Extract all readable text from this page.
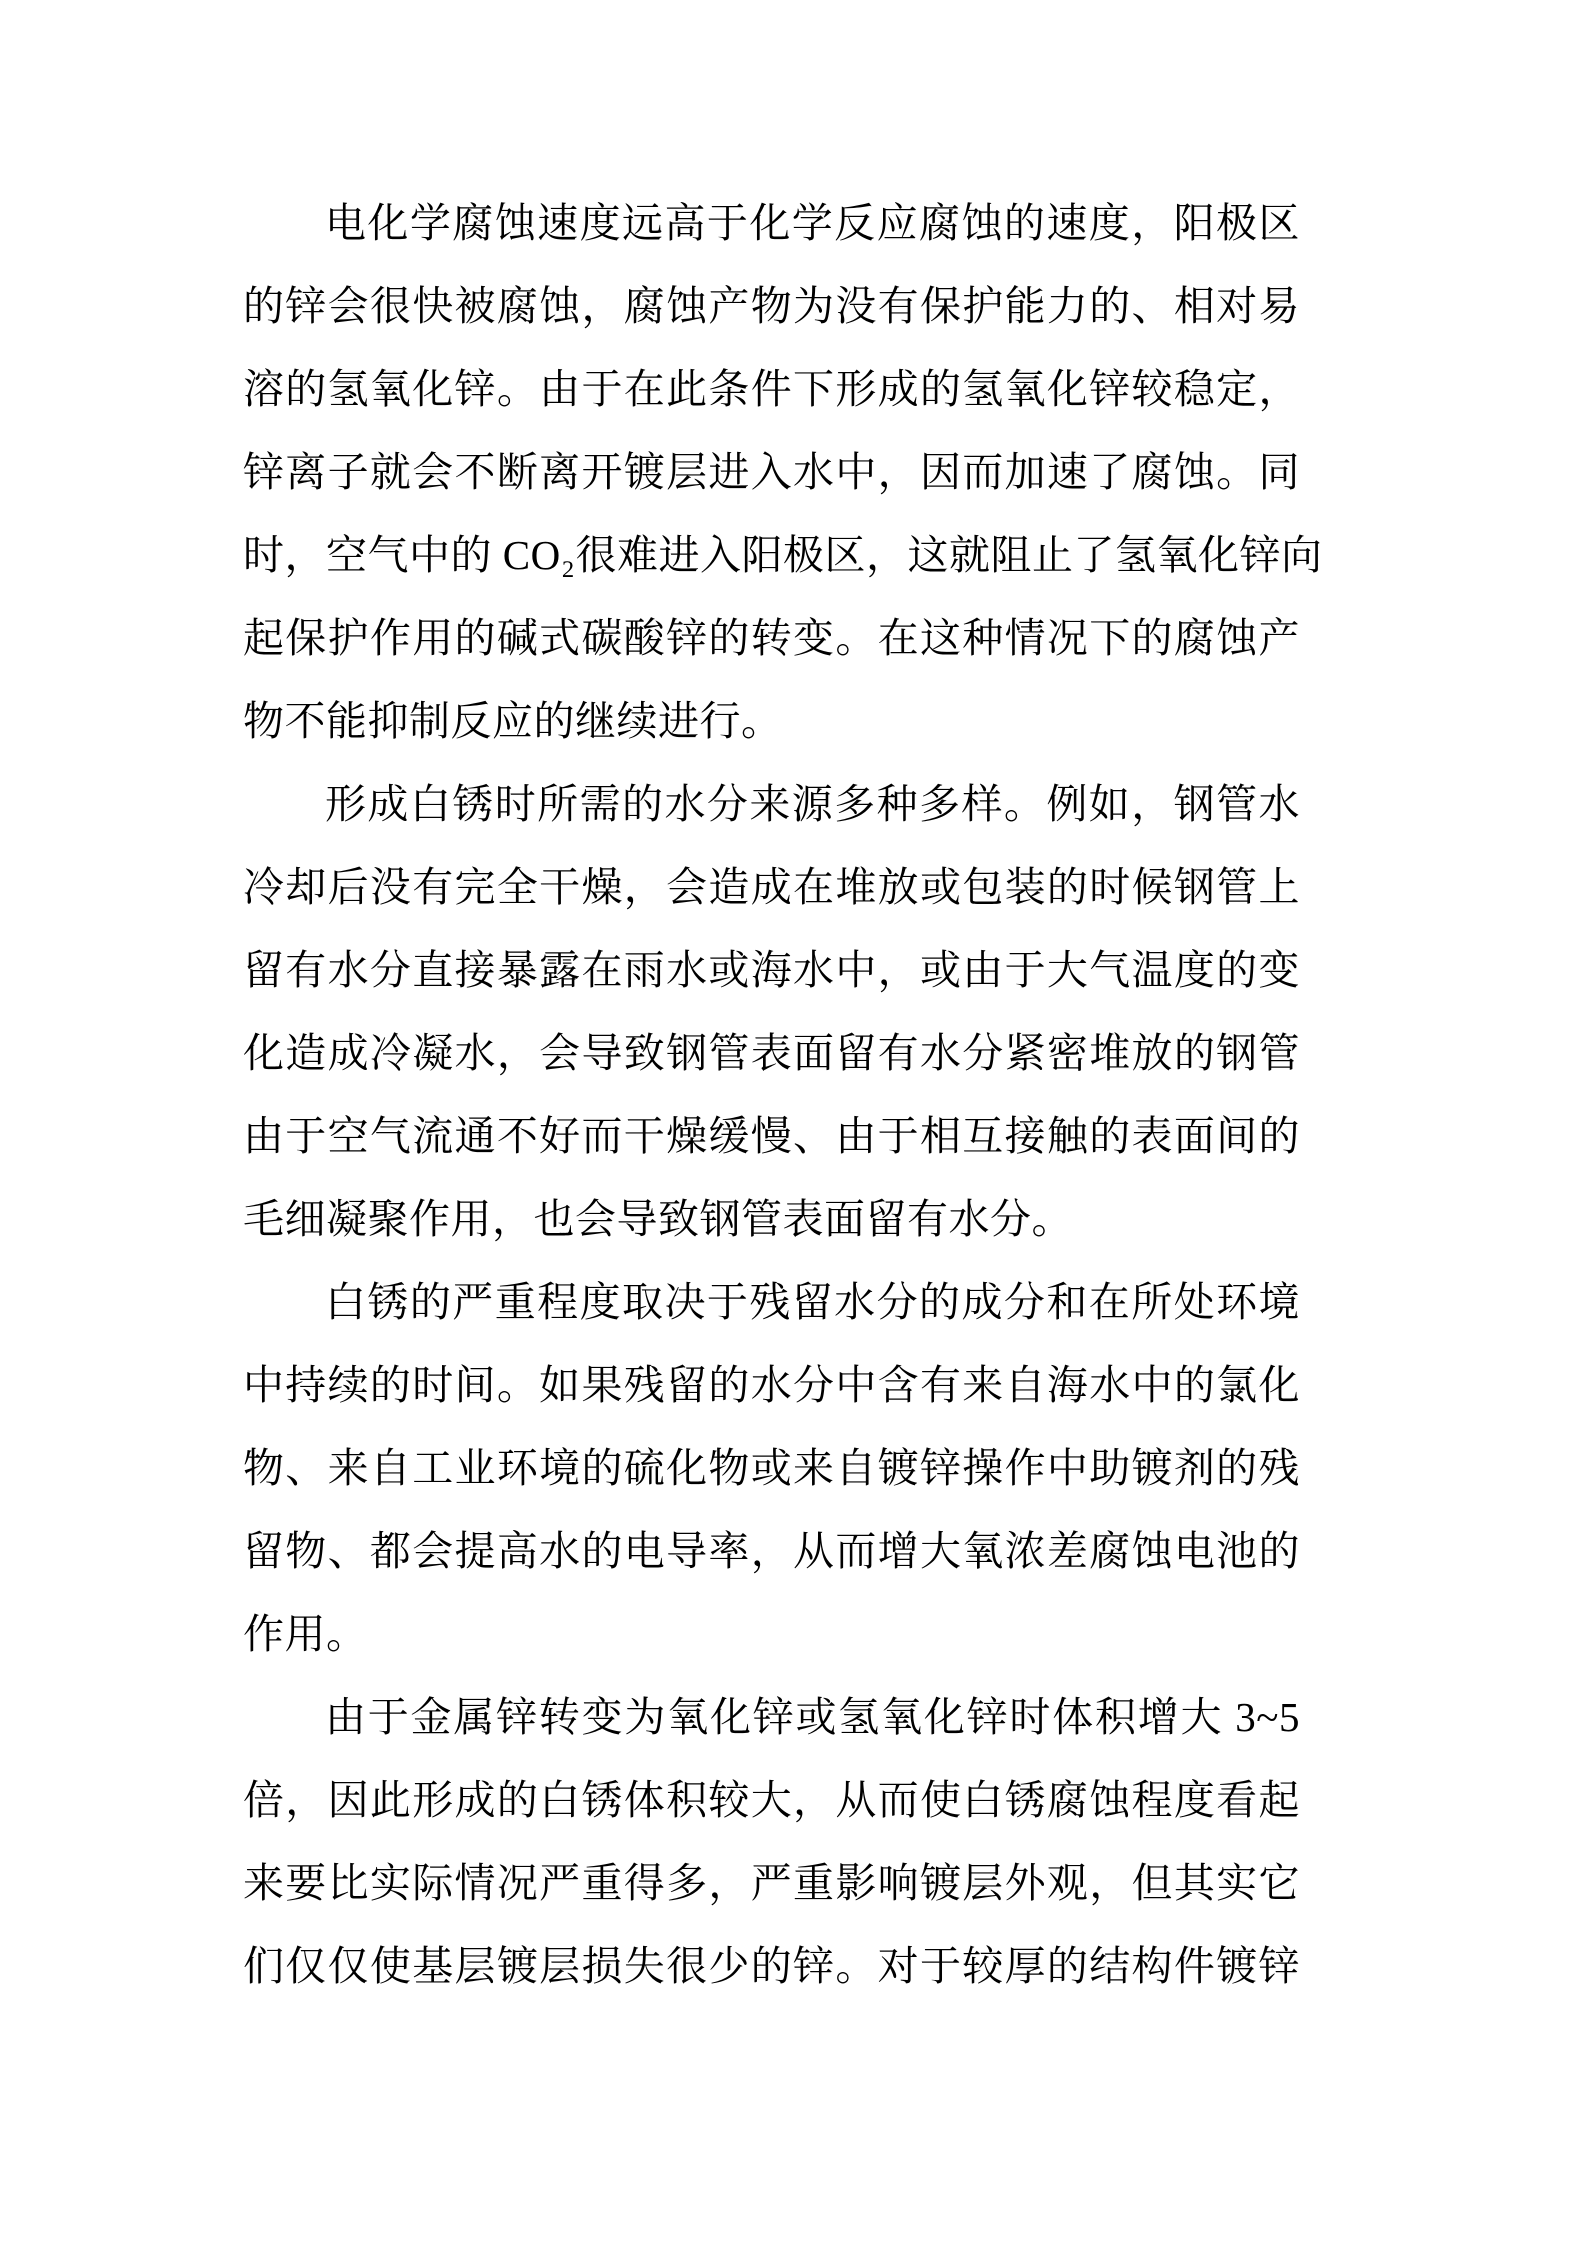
电化学腐蚀速度远高于化学反应腐蚀的速度，阳极区
的锌会很快被腐蚀，腐蚀产物为没有保护能力的、相对易
溶的氢氧化锌。由于在此条件下形成的氢氧化锌较稳定，
锌离子就会不断离开镀层进入水中，因而加速了腐蚀。同
时，空气中的 CO₂很难进入阳极区，这就阻止了氢氧化锌向
起保护作用的碱式碳酸锌的转变。在这种情况下的腐蚀产
物不能抑制反应的继续进行。
形成白锈时所需的水分来源多种多样。例如，钢管水
冷却后没有完全干燥，会造成在堆放或包装的时候钢管上
留有水分直接暴露在雨水或海水中，或由于大气温度的变
化造成冷凝水，会导致钢管表面留有水分紧密堆放的钢管
由于空气流通不好而干燥缓慢、由于相互接触的表面间的
毛细凝聚作用，也会导致钢管表面留有水分。
白锈的严重程度取决于残留水分的成分和在所处环境
中持续的时间。如果残留的水分中含有来自海水中的氯化
物、来自工业环境的硫化物或来自镀锌操作中助镀剂的残
留物、都会提高水的电导率，从而增大氧浓差腐蚀电池的
作用。
由于金属锌转变为氧化锌或氢氧化锌时体积增大 3~5
倍，因此形成的白锈体积较大，从而使白锈腐蚀程度看起
来要比实际情况严重得多，严重影响镀层外观，但其实它
们仅仅使基层镀层损失很少的锌。对于较厚的结构件镀锌
